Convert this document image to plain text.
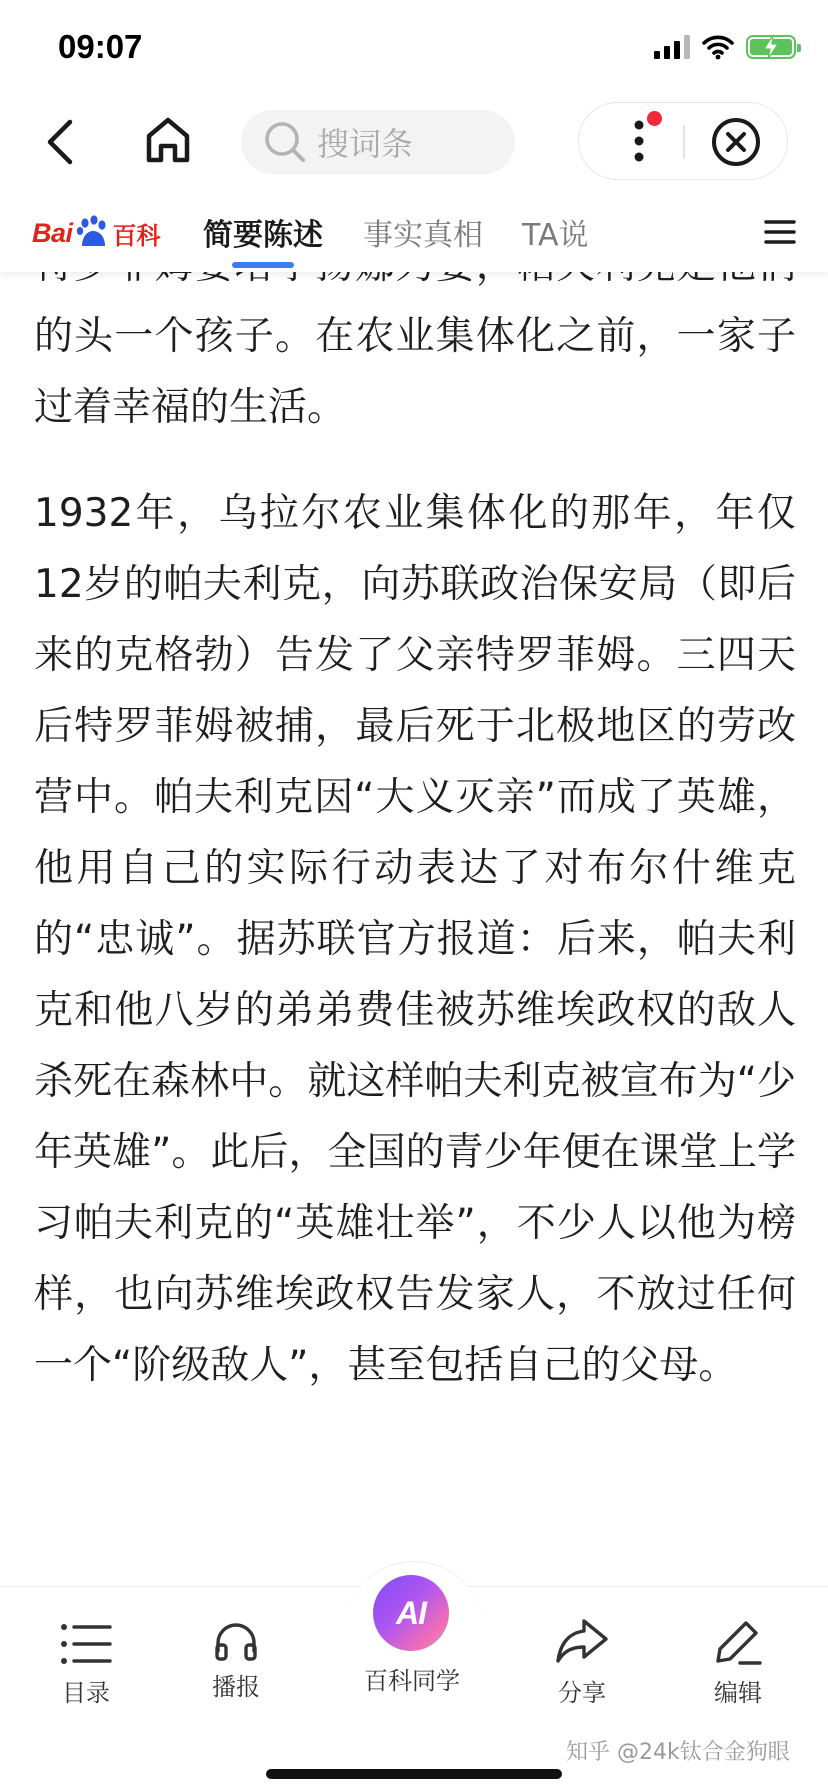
09:07
搜词条

的头一个孩子。在农业集体化之前，一家子过着幸福的生活。

1932年，乌拉尔农业集体化的那年，年仅12岁的帕夫利克，向苏联政治保安局（即后来的克格勃）告发了父亲特罗菲姆。三四天后特罗菲姆被捕，最后死于北极地区的劳改营中。帕夫利克因“大义灭亲”而成了英雄，他用自己的实际行动表达了对布尔什维克的“忠诚”。据苏联官方报道：后来，帕夫利克和他八岁的弟弟费佳被苏维埃政权的敌人杀死在森林中。就这样帕夫利克被宣布为“少年英雄”。此后，全国的青少年便在课堂上学习帕夫利克的“英雄壮举”，不少人以他为榜样，也向苏维埃政权告发家人，不放过任何一个“阶级敌人”，甚至包括自己的父母。

Bai 百科 简要陈述 事实真相 TA说
目录	播报
AI
百科同学	分享	编辑
知乎 @24k钛合金狗眼
